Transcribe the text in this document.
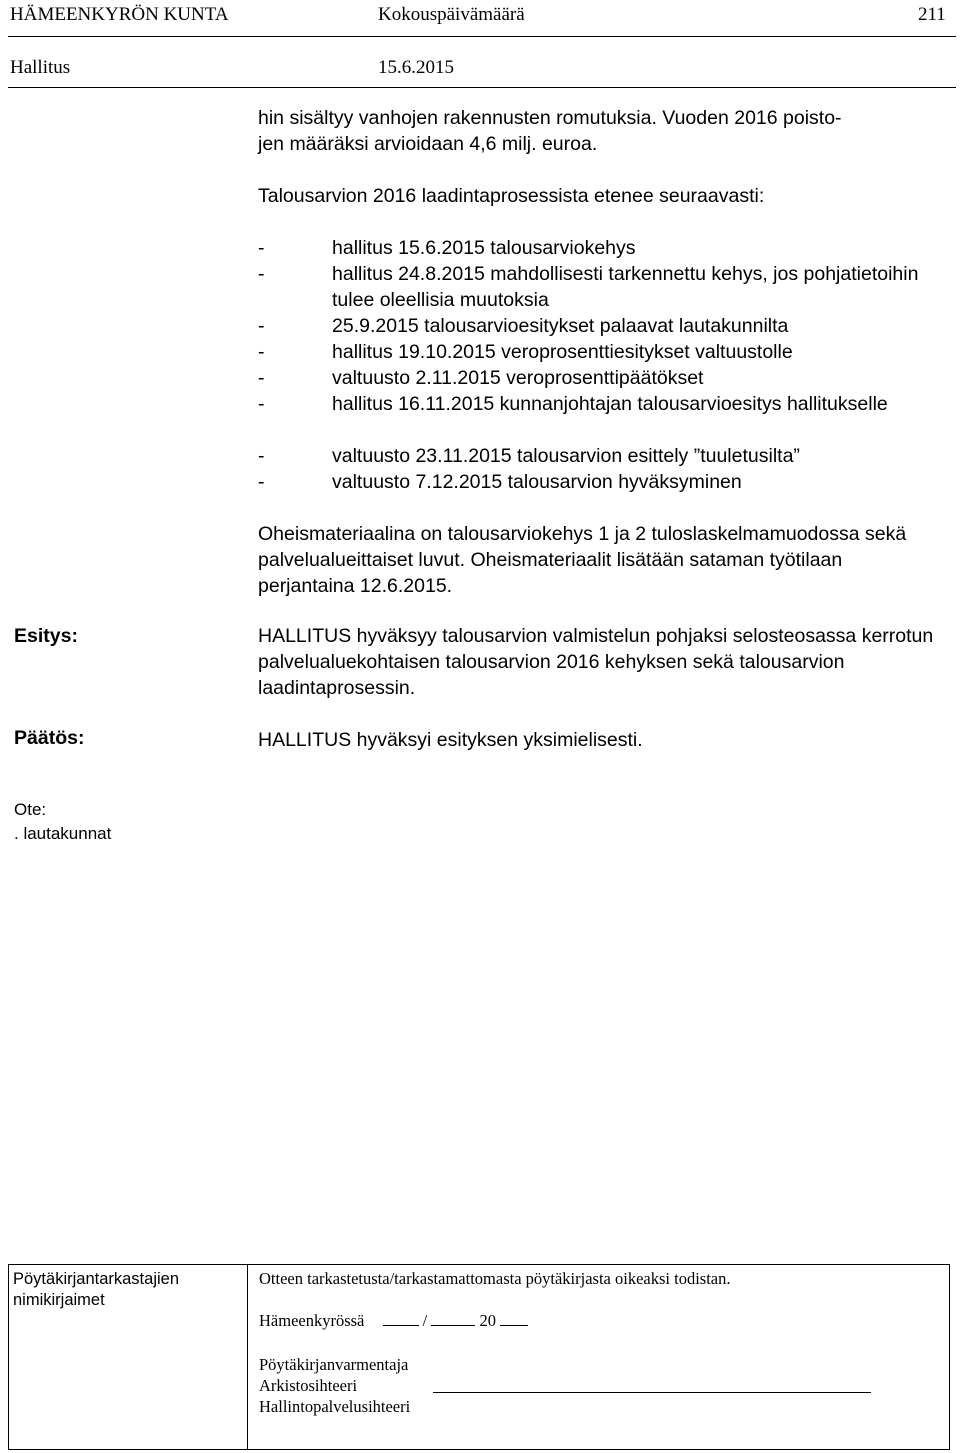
HÄMEENKYRÖN KUNTA	Kokouspäivämäärä	211
Hallitus	15.6.2015
hin sisältyy vanhojen rakennusten romutuksia. Vuoden 2016 poisto-
jen määräksi arvioidaan 4,6 milj. euroa.
Talousarvion 2016 laadintaprosessista etenee seuraavasti:
-	hallitus 15.6.2015 talousarviokehys
-	hallitus 24.8.2015 mahdollisesti tarkennettu kehys, jos pohjatietoihin tulee oleellisia muutoksia
-	25.9.2015 talousarvioesitykset palaavat lautakunnilta
-	hallitus 19.10.2015 veroprosenttiesitykset valtuustolle
-	valtuusto 2.11.2015 veroprosenttipäätökset
-	hallitus 16.11.2015 kunnanjohtajan talousarvioesitys hallitukselle
-	valtuusto 23.11.2015 talousarvion esittely ”tuuletusilta”
-	valtuusto 7.12.2015 talousarvion hyväksyminen
Oheismateriaalina on talousarviokehys 1 ja 2 tuloslaskelmamuodossa sekä palvelualueittaiset luvut. Oheismateriaalit lisätään sataman työtilaan perjantaina 12.6.2015.
Esitys:	HALLITUS hyväksyy talousarvion valmistelun pohjaksi selosteosassa kerrotun palvelualuekohtaisen talousarvion 2016 kehyksen sekä talousarvion laadintaprosessin.
Päätös:	HALLITUS hyväksyi esityksen yksimielisesti.
Ote:
. lautakunnat
Pöytäkirjantarkastajien
nimikirjaimet
Otteen tarkastetusta/tarkastamattomasta pöytäkirjasta oikeaksi todistan.
Hämeenkyrössä	/	20
Pöytäkirjanvarmentaja
Arkistosihteeri
Hallintopalvelusihteeri
